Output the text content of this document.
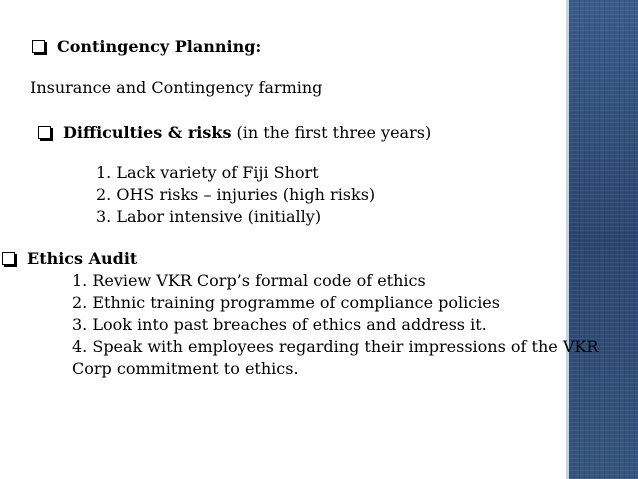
Contingency Planning:
Insurance and Contingency farming
Difficulties & risks (in the first three years)
1. Lack variety of Fiji Short
2. OHS risks – injuries (high risks)
3. Labor intensive (initially)
Ethics Audit
1. Review VKR Corp’s formal code of ethics
2. Ethnic training programme of compliance policies
3. Look into past breaches of ethics and address it.
4. Speak with employees regarding their impressions of the VKR
Corp commitment to ethics.
